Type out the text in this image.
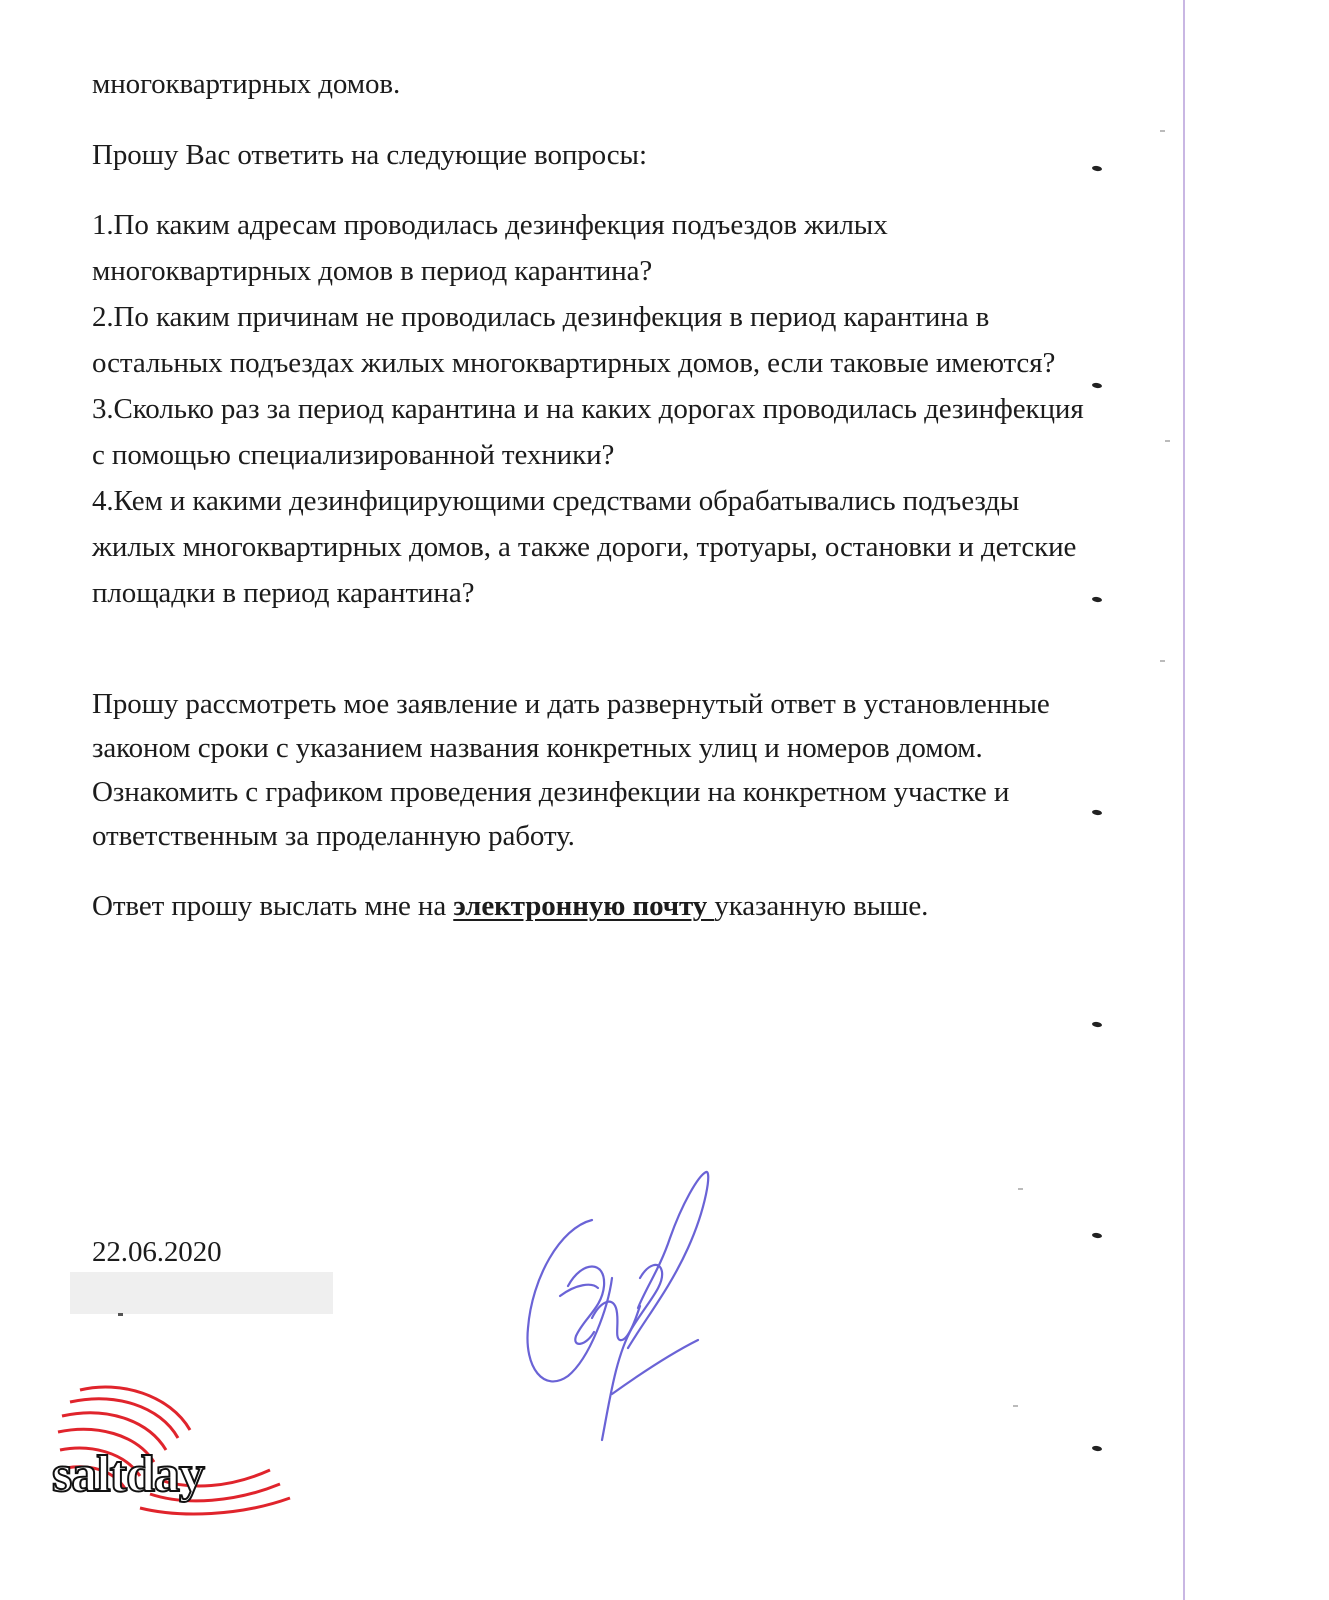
многоквартирных домов.

Прошу Вас ответить на следующие вопросы:

1.По каким адресам проводилась дезинфекция подъездов жилых

многоквартирных домов в период карантина?

2.По каким причинам не проводилась дезинфекция в период карантина в

остальных подъездах жилых многоквартирных домов, если таковые имеются?

3.Сколько раз за период карантина и на каких дорогах проводилась дезинфекция

с помощью специализированной техники?

4.Кем и какими дезинфицирующими средствами обрабатывались подъезды

жилых многоквартирных домов, а также дороги, тротуары, остановки и детские

площадки в период карантина?

Прошу рассмотреть мое заявление и дать развернутый ответ в установленные

законом сроки с указанием названия конкретных улиц и номеров домом.

Ознакомить с графиком проведения дезинфекции на конкретном участке и

ответственным за проделанную работу.

Ответ прошу выслать мне на электронную почту указанную выше.

22.06.2020

saltday
